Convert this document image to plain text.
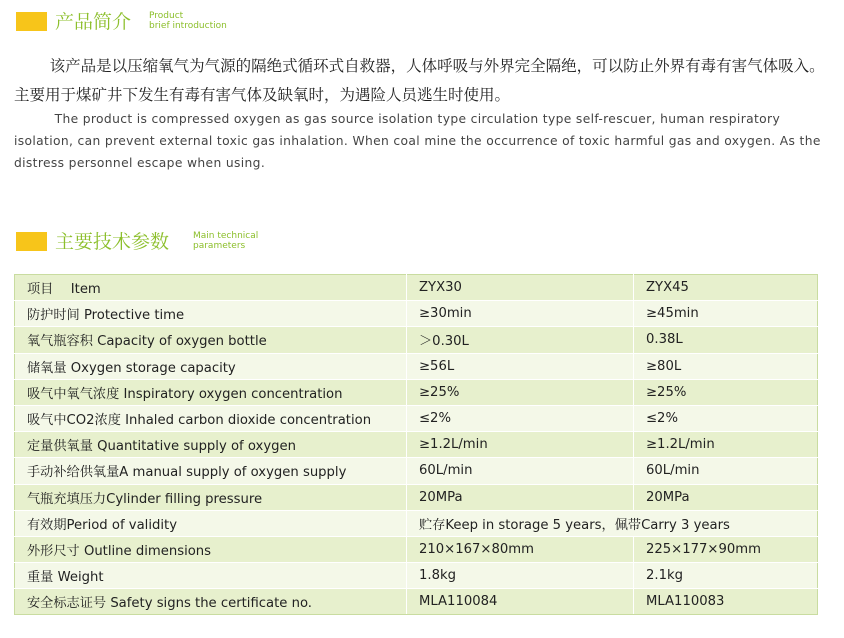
产品简介 Product
brief introduction

该产品是以压缩氧气为气源的隔绝式循环式自救器，人体呼吸与外界完全隔绝，可以防止外界有毒有害气体吸入。主要用于煤矿井下发生有毒有害气体及缺氧时，为遇险人员逃生时使用。

The product is compressed oxygen as gas source isolation type circulation type self-rescuer, human respiratory isolation, can prevent external toxic gas inhalation. When coal mine the occurrence of toxic harmful gas and oxygen. As the distress personnel escape when using.

主要技术参数	Main technical
parameters
项目　 Item	ZYX30	ZYX45
防护时间 Protective time	≥30min	≥45min
氧气瓶容积 Capacity of oxygen bottle	＞0.30L	0.38L
储氧量 Oxygen storage capacity	≥56L	≥80L
吸气中氧气浓度 Inspiratory oxygen concentration	≥25%	≥25%
吸气中CO2浓度 Inhaled carbon dioxide concentration	≤2%	≤2%
定量供氧量 Quantitative supply of oxygen	≥1.2L/min	≥1.2L/min
手动补给供氧量A manual supply of oxygen supply	60L/min	60L/min
气瓶充填压力Cylinder filling pressure	20MPa	20MPa
有效期Period of validity	贮存Keep in storage 5 years，佩带Carry 3 years	
外形尺寸 Outline dimensions	210×167×80mm	225×177×90mm
重量 Weight	1.8kg	2.1kg
安全标志证号 Safety signs the certificate no.	MLA110084	MLA110083
